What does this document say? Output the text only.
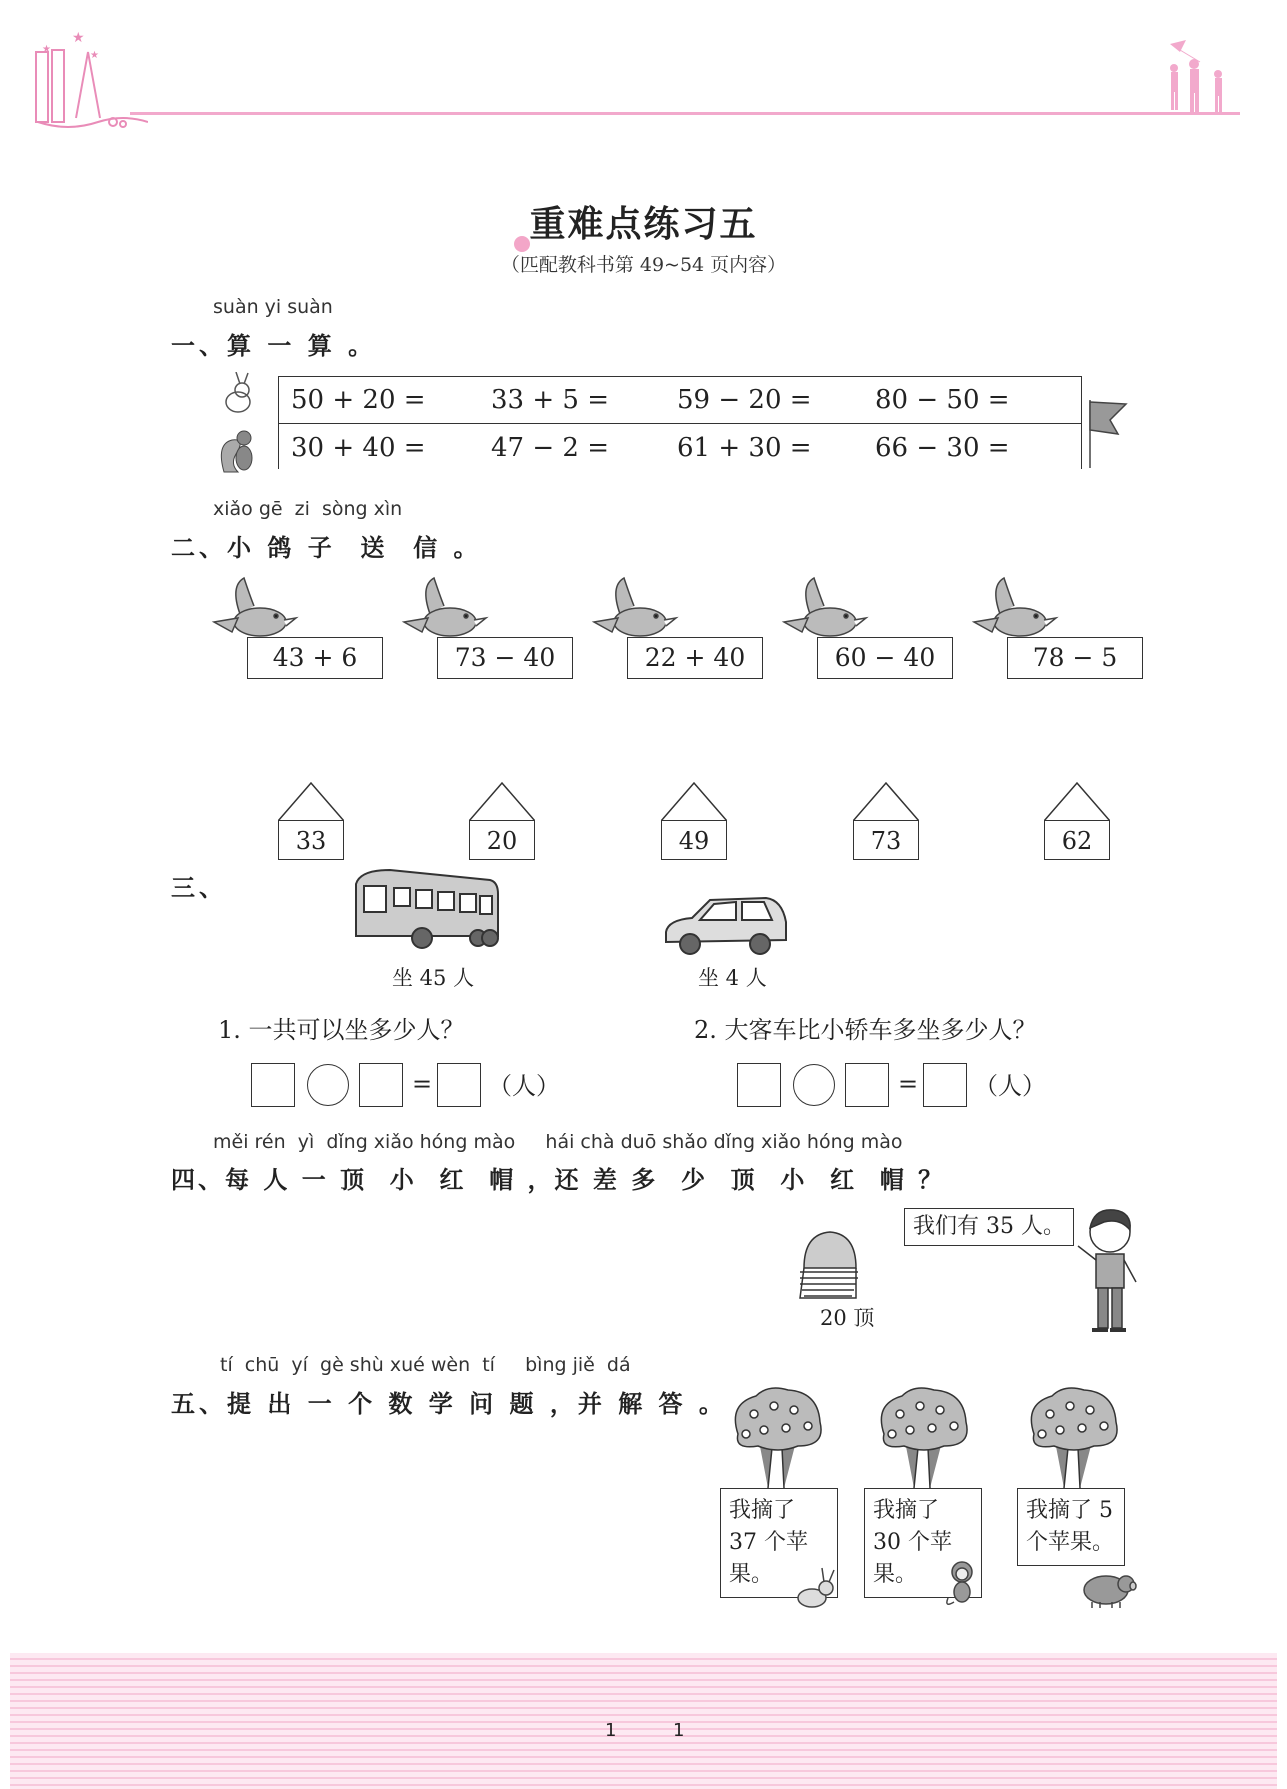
★
★
★
重难点练习五
（匹配教科书第 49~54 页内容）
suàn yi suàn
一、算 一 算 。
50 + 20 =	33 + 5 =	59 − 20 = 80 − 50 =
30 + 40 =	47 − 2 =	61 + 30 = 66 − 30 =
xiǎo gē  zi  sòng xìn
二、小 鸽 子  送  信 。
43 + 6	73 − 40	22 + 40	60 − 40	78 − 5
33	20	49	73	62
三、
坐 45 人	坐 4 人
1. 一共可以坐多少人？	2. 大客车比小轿车多坐多少人？
= （人）	= （人）
měi rén  yì  dǐng xiǎo hóng mào     hái chà duō shǎo dǐng xiǎo hóng mào
四、每 人 一 顶  小  红  帽 ，还 差 多  少  顶  小  红  帽 ？
20 顶
我们有 35 人。
tí  chū  yí  gè shù xué wèn  tí     bìng jiě  dá
五、提 出 一 个 数 学 问 题 ，并 解 答 。
我摘了 37 个苹果。
我摘了 30 个苹果。
我摘了 5 个苹果。
1	1
